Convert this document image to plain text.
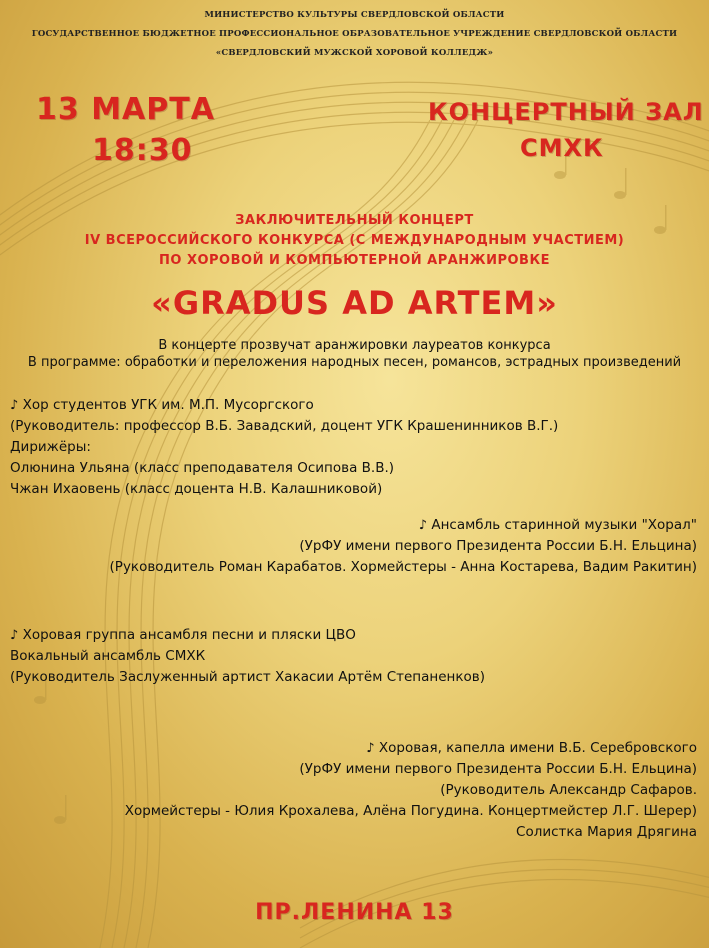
МИНИСТЕРСТВО КУЛЬТУРЫ СВЕРДЛОВСКОЙ ОБЛАСТИ
ГОСУДАРСТВЕННОЕ БЮДЖЕТНОЕ ПРОФЕССИОНАЛЬНОЕ ОБРАЗОВАТЕЛЬНОЕ УЧРЕЖДЕНИЕ СВЕРДЛОВСКОЙ ОБЛАСТИ
«СВЕРДЛОВСКИЙ МУЖСКОЙ ХОРОВОЙ КОЛЛЕДЖ»
13 МАРТА
18:30
КОНЦЕРТНЫЙ ЗАЛ
СМХК
ЗАКЛЮЧИТЕЛЬНЫЙ КОНЦЕРТ
IV ВСЕРОССИЙСКОГО КОНКУРСА (С МЕЖДУНАРОДНЫМ УЧАСТИЕМ)
ПО ХОРОВОЙ И КОМПЬЮТЕРНОЙ АРАНЖИРОВКЕ
«GRADUS AD ARTEM»
В концерте прозвучат аранжировки лауреатов конкурса
В программе: обработки и переложения народных песен, романсов, эстрадных произведений
♪ Хор студентов УГК им. М.П. Мусоргского
(Руководитель: профессор В.Б. Завадский, доцент УГК Крашенинников В.Г.)
Дирижёры:
Олюнина Ульяна (класс преподавателя Осипова В.В.)
Чжан Ихаовень (класс доцента Н.В. Калашниковой)
♪ Ансамбль старинной музыки "Хорал"
(УрФУ имени первого Президента России Б.Н. Ельцина)
(Руководитель Роман Карабатов. Хормейстеры - Анна Костарева, Вадим Ракитин)
♪ Хоровая группа ансамбля песни и пляски ЦВО
Вокальный ансамбль СМХК
(Руководитель Заслуженный артист Хакасии Артём Степаненков)
♪ Хоровая, капелла имени В.Б. Серебровского
(УрФУ имени первого Президента России Б.Н. Ельцина)
(Руководитель Александр Сафаров.
Хормейстеры - Юлия Крохалева, Алёна Погудина. Концертмейстер Л.Г. Шерер)
Солистка Мария Дрягина
ПР.ЛЕНИНА 13
